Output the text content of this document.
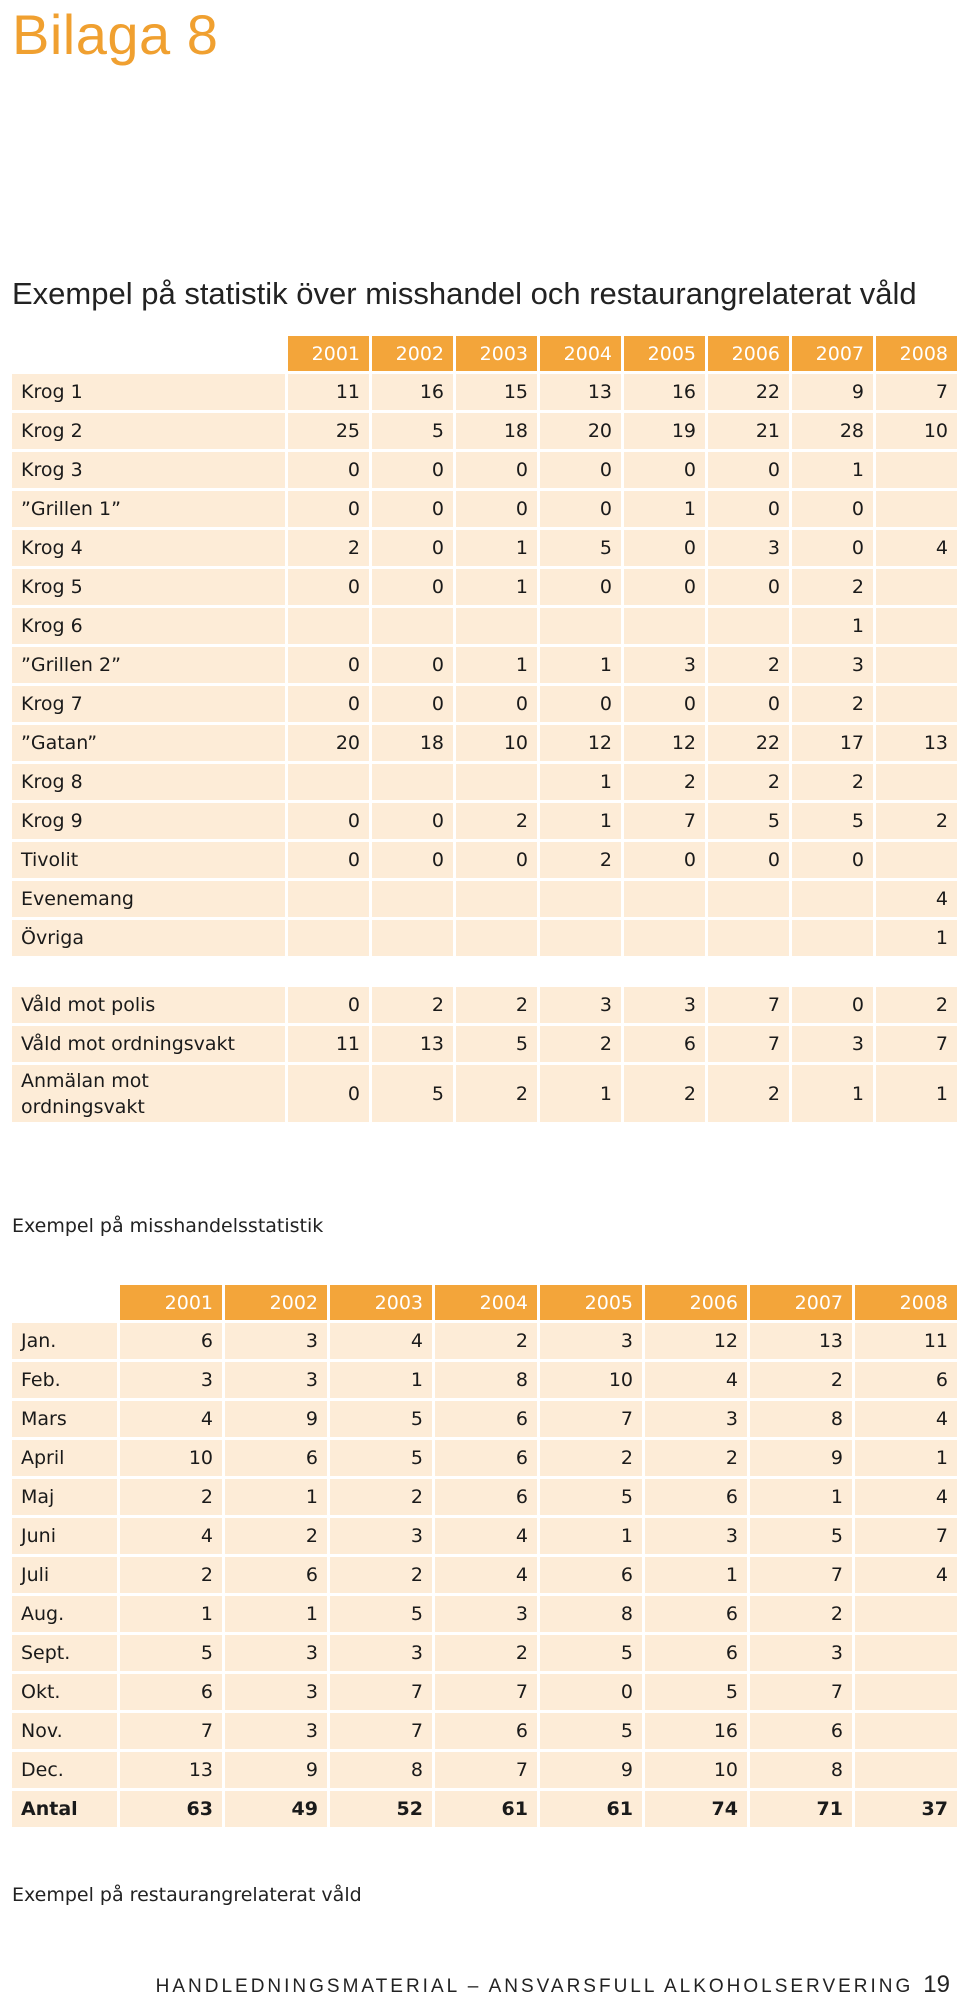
Bilaga 8
Exempel på statistik över misshandel och restaurangrelaterat våld
	2001	2002	2003	2004	2005	2006	2007	2008
Krog 1	11	16	15	13	16	22	9	7
Krog 2	25	5	18	20	19	21	28	10
Krog 3	0	0	0	0	0	0	1	
”Grillen 1”	0	0	0	0	1	0	0	
Krog 4	2	0	1	5	0	3	0	4
Krog 5	0	0	1	0	0	0	2	
Krog 6							1	
”Grillen 2”	0	0	1	1	3	2	3	
Krog 7	0	0	0	0	0	0	2	
”Gatan”	20	18	10	12	12	22	17	13
Krog 8				1	2	2	2	
Krog 9	0	0	2	1	7	5	5	2
Tivolit	0	0	0	2	0	0	0	
Evenemang								4
Övriga								1

Våld mot polis	0	2	2	3	3	7	0	2
Våld mot ordningsvakt	11	13	5	2	6	7	3	7
Anmälan mot ordningsvakt	0	5	2	1	2	2	1	1
Exempel på misshandelsstatistik
	2001	2002	2003	2004	2005	2006	2007	2008
Jan.	6	3	4	2	3	12	13	11
Feb.	3	3	1	8	10	4	2	6
Mars	4	9	5	6	7	3	8	4
April	10	6	5	6	2	2	9	1
Maj	2	1	2	6	5	6	1	4
Juni	4	2	3	4	1	3	5	7
Juli	2	6	2	4	6	1	7	4
Aug.	1	1	5	3	8	6	2	
Sept.	5	3	3	2	5	6	3	
Okt.	6	3	7	7	0	5	7	
Nov.	7	3	7	6	5	16	6	
Dec.	13	9	8	7	9	10	8	
Antal	63	49	52	61	61	74	71	37
Exempel på restaurangrelaterat våld
HANDLEDNINGSMATERIAL – ANSVARSFULL ALKOHOLSERVERING 19
